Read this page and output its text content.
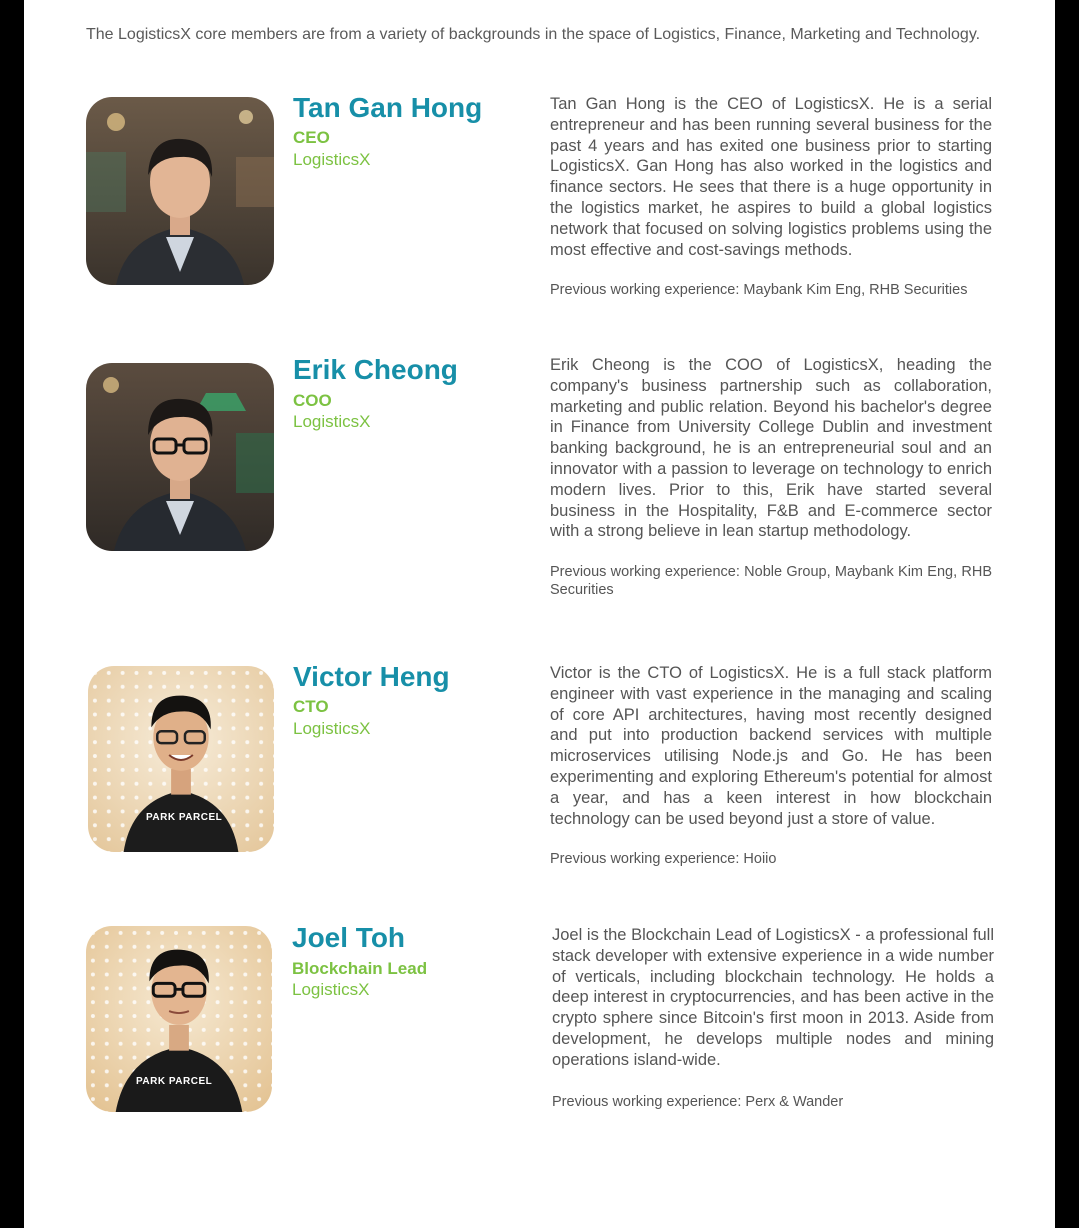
The LogisticsX core members are from a variety of backgrounds in the space of Logistics, Finance, Marketing and Technology.
Tan Gan Hong
CEO
LogisticsX

Tan Gan Hong is the CEO of LogisticsX. He is a serial entrepreneur and has been running several business for the past 4 years and has exited one business prior to starting LogisticsX. Gan Hong has also worked in the logistics and finance sectors. He sees that there is a huge opportunity in the logistics market, he aspires to build a global logistics network that focused on solving logistics problems using the most effective and cost-savings methods.

Previous working experience: Maybank Kim Eng, RHB Securities

Erik Cheong
COO
LogisticsX

Erik Cheong is the COO of LogisticsX, heading the company's business partnership such as collaboration, marketing and public relation. Beyond his bachelor's degree in Finance from University College Dublin and investment banking background, he is an entrepreneurial soul and an innovator with a passion to leverage on technology to enrich modern lives. Prior to this, Erik have started several business in the Hospitality, F&B and E-commerce sector with a strong believe in lean startup methodology.

Previous working experience: Noble Group, Maybank Kim Eng, RHB Securities

PARK PARCEL
Victor Heng
CTO
LogisticsX

Victor is the CTO of LogisticsX. He is a full stack platform engineer with vast experience in the managing and scaling of core API architectures, having most recently designed and put into production backend services with multiple microservices utilising Node.js and Go. He has been experimenting and exploring Ethereum's potential for almost a year, and has a keen interest in how blockchain technology can be used beyond just a store of value.

Previous working experience: Hoiio

PARK PARCEL
Joel Toh
Blockchain Lead
LogisticsX

Joel is the Blockchain Lead of LogisticsX - a professional full stack developer with extensive experience in a wide number of verticals, including blockchain technology. He holds a deep interest in cryptocurrencies, and has been active in the crypto sphere since Bitcoin's first moon in 2013. Aside from development, he develops multiple nodes and mining operations island-wide.

Previous working experience: Perx & Wander
